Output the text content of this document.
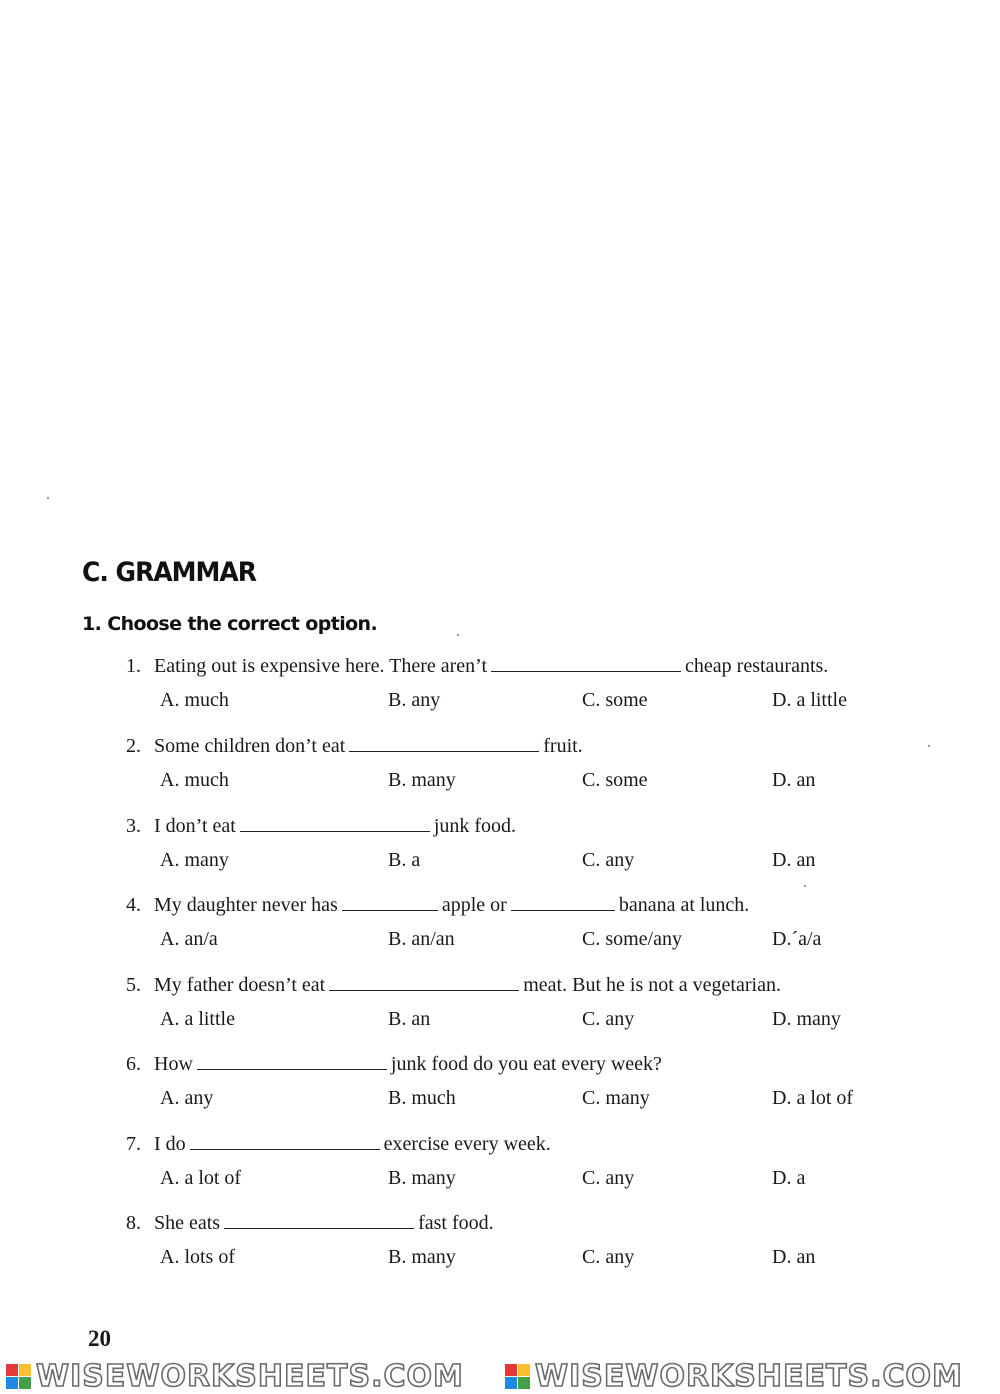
C. GRAMMAR
1. Choose the correct option.
1. Eating out is expensive here. There aren’t	cheap restaurants.
A. much	B. any	C. some	D. a little
2. Some children don’t eat	fruit.
A. much	B. many	C. some	D. an
3. I don’t eat	junk food.
A. many	B. a	C. any	D. an
4. My daughter never has	apple or	banana at lunch.
A. an/a	B. an/an	C. some/any	D.´a/a
5. My father doesn’t eat	meat. But he is not a vegetarian.
A. a little	B. an	C. any	D. many
6. How	junk food do you eat every week?
A. any	B. much	C. many	D. a lot of
7. I do	exercise every week.
A. a lot of	B. many	C. any	D. a
8. She eats	fast food.
A. lots of	B. many	C. any	D. an
20
WISEWORKSHEETS.COM WISEWORKSHEETS.COM
